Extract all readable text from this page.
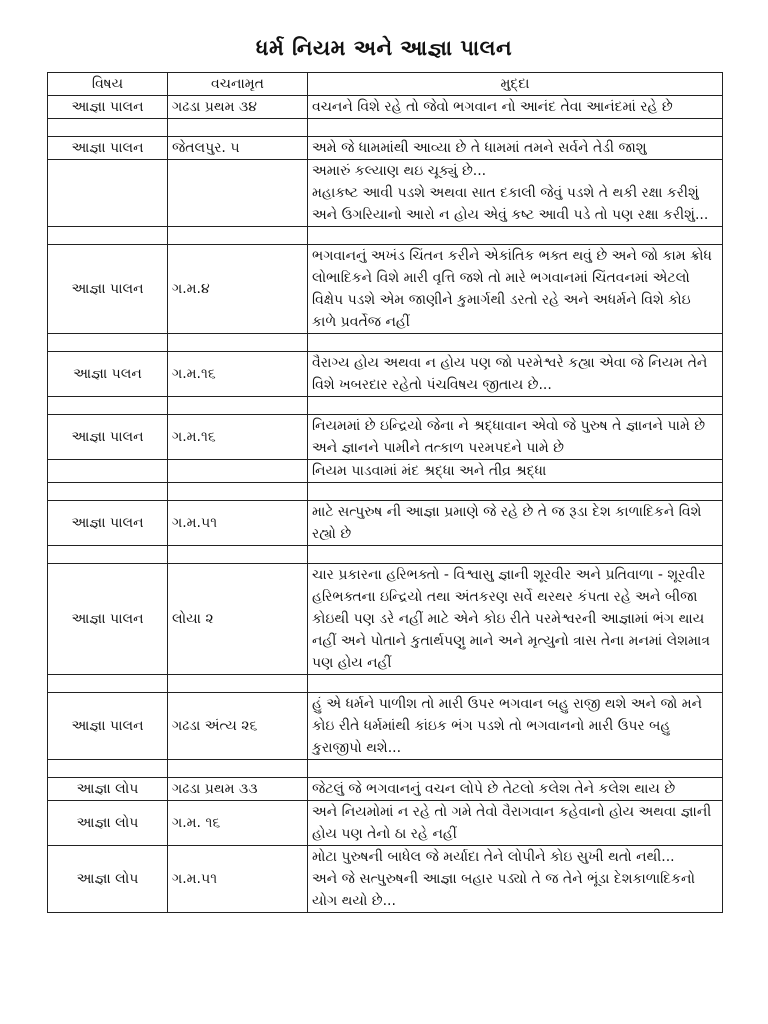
ધર્મ નિયમ અને આજ્ઞા પાલન
વિષય	વચનામૃત	મુદ્દા
આજ્ઞા પાલન	ગઢડા પ્રથમ ૩૪	વચનને વિશે રહે તો જેવો ભગવાન નો આનંદ તેવા આનંદમાં રહે છે

આજ્ઞા પાલન	જેતલપુર. ૫	અમે જે ધામમાંથી આવ્યા છે તે ધામમાં તમને સર્વને તેડી જાશુ
		અમારું કલ્યાણ થઇ ચૂક્યું છે...
મહાકષ્ટ આવી પડશે અથવા સાત દકાલી જેવું પડશે તે થકી રક્ષા કરીશું અને ઉગરિયાનો આરો ન હોય એવું કષ્ટ આવી પડે તો પણ રક્ષા કરીશું...

આજ્ઞા પાલન	ગ.મ.૪	ભગવાનનું અખંડ ચિંતન કરીને એકાંતિક ભક્ત થવું છે અને જો કામ ક્રોધ લોભાદિકને વિશે મારી વૃત્તિ જશે તો મારે ભગવાનમાં ચિંતવનમાં એટલો વિક્ષેપ પડશે એમ જાણીને કુમાર્ગથી ડરતો રહે અને અધર્મને વિશે કોઇ કાળે પ્રવર્તેજ નહીં

આજ્ઞા પલન	ગ.મ.૧૬	વૈરાગ્ય હોય અથવા ન હોય પણ જો પરમેશ્વરે કહ્યા એવા જે નિયમ તેને વિશે ખબરદાર રહેતો પંચવિષય જીતાય છે...

આજ્ઞા પાલન	ગ.મ.૧૬	નિયમમાં છે ઇન્દ્રિયો જેના ને શ્રદ્ધાવાન એવો જે પુરુષ તે જ્ઞાનને પામે છે અને જ્ઞાનને પામીને તત્કાળ પરમપદને પામે છે
		નિયમ પાડવામાં મંદ શ્રદ્ધા અને તીવ્ર શ્રદ્ધા

આજ્ઞા પાલન	ગ.મ.૫૧	માટે સત્પુરુષ ની આજ્ઞા પ્રમાણે જે રહે છે તે જ રૂડા દેશ કાળાદિકને વિશે રહ્યો છે

આજ્ઞા પાલન	લોયા ૨	ચાર પ્રકારના હરિભક્તો - વિશ્વાસુ જ્ઞાની શૂરવીર અને પ્રતિવાળા - શૂરવીર હરિભક્તના ઇન્દ્રિયો તથા અંતકરણ સર્વે થરથર કંપતા રહે અને બીજા કોઇથી પણ ડરે નહીં માટે એને કોઇ રીતે પરમેશ્વરની આજ્ઞામાં ભંગ થાય નહીં અને પોતાને કુતાર્થપણુ માને અને મૃત્યુનો ત્રાસ તેના મનમાં લેશમાત્ર પણ હોય નહીં

આજ્ઞા પાલન	ગઢડા અંત્ય ૨૬	હું એ ધર્મને પાળીશ તો મારી ઉપર ભગવાન બહુ રાજી થશે અને જો મને કોઇ રીતે ધર્મમાંથી કાંઇક ભંગ પડશે તો ભગવાનનો મારી ઉપર બહુ કુરાજીપો થશે...

આજ્ઞા લોપ	ગઢડા પ્રથમ ૩૩	જેટલું જે ભગવાનનું વચન લોપે છે તેટલો કલેશ તેને કલેશ થાય છે
આજ્ઞા લોપ	ગ.મ. ૧૬	અને નિયમોમાં ન રહે તો ગમે તેવો વૈરાગવાન કહેવાનો હોય અથવા જ્ઞાની હોય પણ તેનો ઠા રહે નહીં
આજ્ઞા લોપ	ગ.મ.૫૧	મોટા પુરુષની બાધેલ જે મર્યાદા તેને લોપીને કોઇ સુખી થતો નથી...
અને જે સત્પુરુષની આજ્ઞા બહાર પડ્યો તે જ તેને ભૂંડા દેશકાળાદિકનો યોગ થયો છે...
